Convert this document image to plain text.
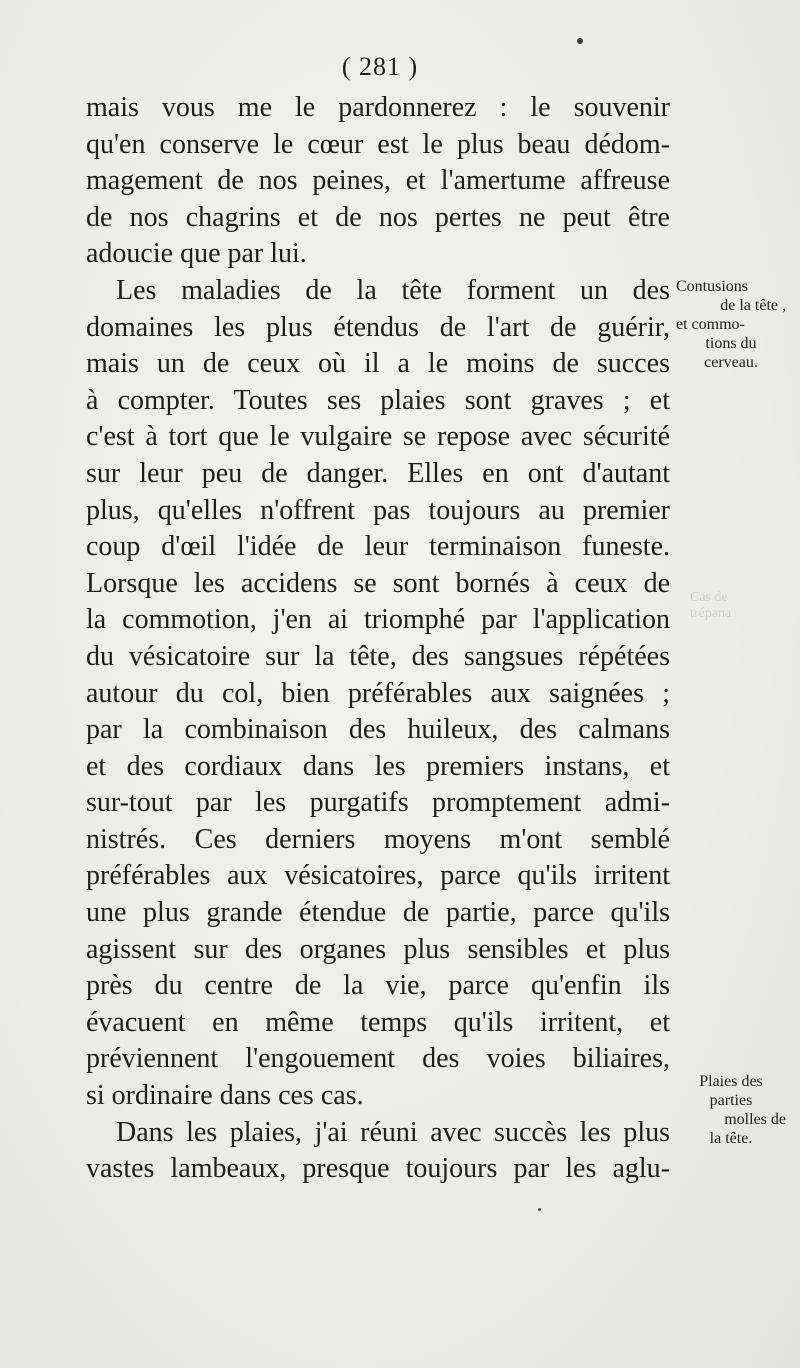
( 281 )
mais vous me le pardonnerez : le souvenir
qu'en conserve le cœur est le plus beau dédom-
magement de nos peines, et l'amertume affreuse
de nos chagrins et de nos pertes ne peut être
adoucie que par lui.
Les maladies de la tête forment un des
domaines les plus étendus de l'art de guérir,
mais un de ceux où il a le moins de succes
à compter. Toutes ses plaies sont graves ; et
c'est à tort que le vulgaire se repose avec sécurité
sur leur peu de danger. Elles en ont d'autant
plus, qu'elles n'offrent pas toujours au premier
coup d'œil l'idée de leur terminaison funeste.
Lorsque les accidens se sont bornés à ceux de
la commotion, j'en ai triomphé par l'application
du vésicatoire sur la tête, des sangsues répétées
autour du col, bien préférables aux saignées ;
par la combinaison des huileux, des calmans
et des cordiaux dans les premiers instans, et
sur-tout par les purgatifs promptement admi-
nistrés. Ces derniers moyens m'ont semblé
préférables aux vésicatoires, parce qu'ils irritent
une plus grande étendue de partie, parce qu'ils
agissent sur des organes plus sensibles et plus
près du centre de la vie, parce qu'enfin ils
évacuent en même temps qu'ils irritent, et
préviennent l'engouement des voies biliaires,
si ordinaire dans ces cas.
Dans les plaies, j'ai réuni avec succès les plus
vastes lambeaux, presque toujours par les aglu-
Contusions
de la tête ,
et commo-
tions du
cerveau.
Cas de
trépana
Plaies des
parties
molles de
la tête.
